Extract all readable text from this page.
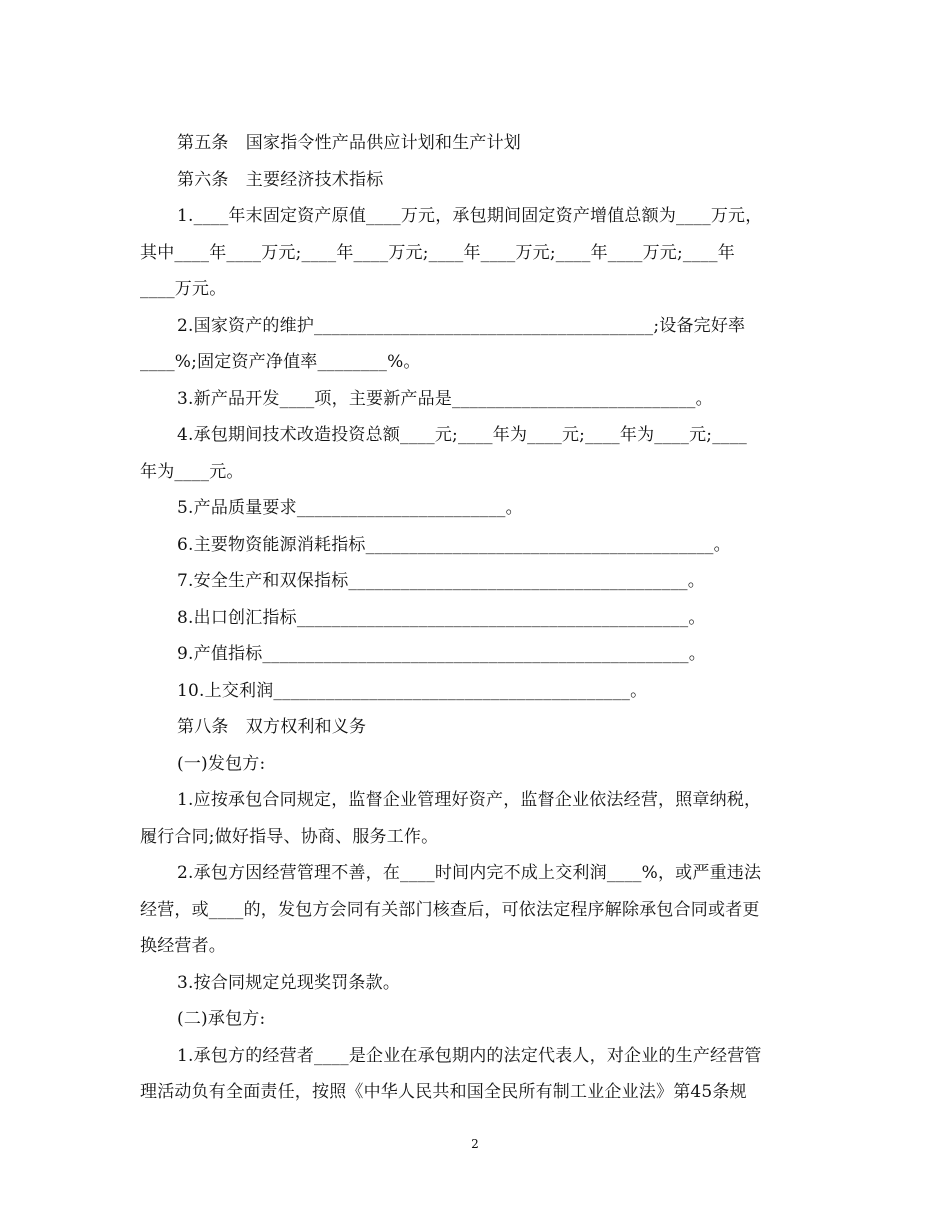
第五条　国家指令性产品供应计划和生产计划
第六条　主要经济技术指标
1.____年末固定资产原值____万元，承包期间固定资产增值总额为____万元，
其中____年____万元;____年____万元;____年____万元;____年____万元;____年
____万元。
2.国家资产的维护_______________________________________;设备完好率
____%;固定资产净值率________%。
3.新产品开发____项，主要新产品是____________________________。
4.承包期间技术改造投资总额____元;____年为____元;____年为____元;____
年为____元。
5.产品质量要求________________________。
6.主要物资能源消耗指标________________________________________。
7.安全生产和双保指标_______________________________________。
8.出口创汇指标_____________________________________________。
9.产值指标_________________________________________________。
10.上交利润_________________________________________。
第八条　双方权利和义务
(一)发包方:
1.应按承包合同规定，监督企业管理好资产，监督企业依法经营，照章纳税，
履行合同;做好指导、协商、服务工作。
2.承包方因经营管理不善，在____时间内完不成上交利润____%，或严重违法
经营，或____的，发包方会同有关部门核查后，可依法定程序解除承包合同或者更
换经营者。
3.按合同规定兑现奖罚条款。
(二)承包方:
1.承包方的经营者____是企业在承包期内的法定代表人，对企业的生产经营管
理活动负有全面责任，按照《中华人民共和国全民所有制工业企业法》第45条规
2
